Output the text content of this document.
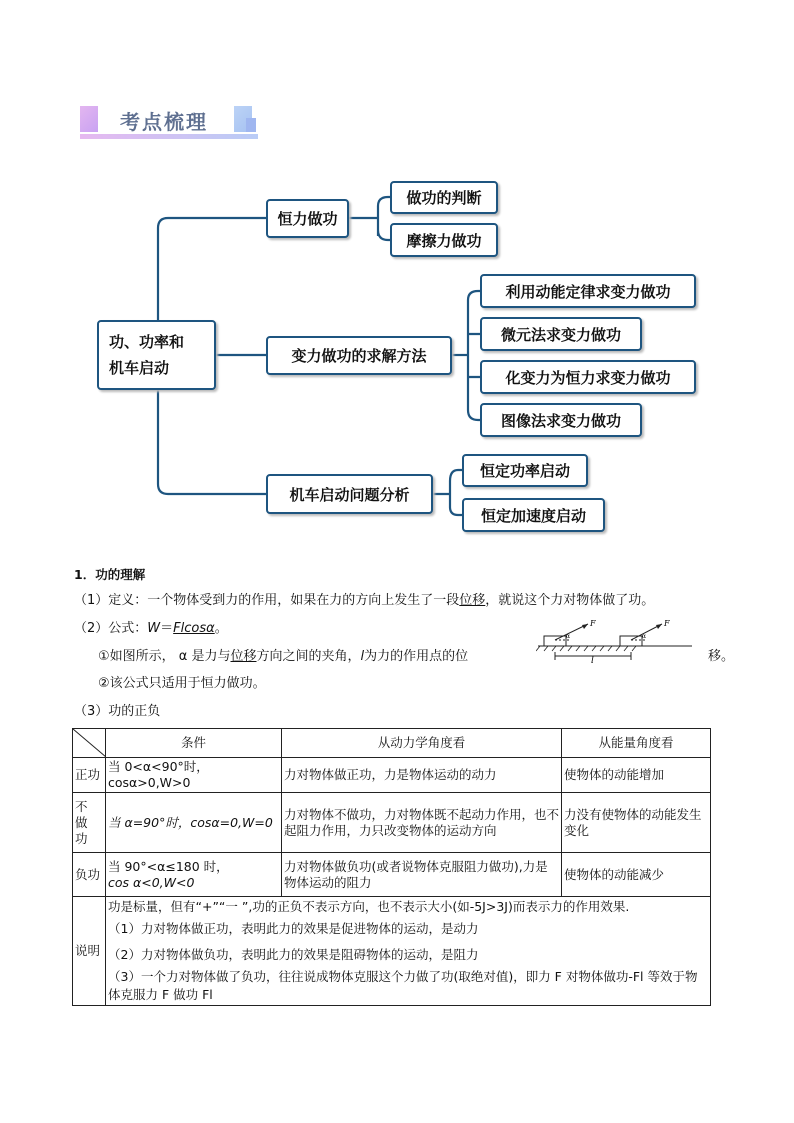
考点梳理
功、功率和
机车启动
恒力做功
做功的判断
摩擦力做功
变力做功的求解方法
利用动能定律求变力做功
微元法求变力做功
化变力为恒力求变力做功
图像法求变力做功
机车启动问题分析
恒定功率启动
恒定加速度启动
1．功的理解
（1）定义：一个物体受到力的作用，如果在力的方向上发生了一段位移，就说这个力对物体做了功。
（2）公式：W＝Flcosα。
①如图所示， α 是力与位移方向之间的夹角，l为力的作用点的位	移。
②该公式只适用于恒力做功。
（3）功的正负
F	F
α	α
l
	条件	从动力学角度看	从能量角度看
正功	当 0<α<90°时，cosα>0,W>0	力对物体做正功，力是物体运动的动力	使物体的动能增加
不 做 功	当 α=90°时，cosα=0,W=0	力对物体不做功，力对物体既不起动力作用，也不起阻力作用，力只改变物体的运动方向	力没有使物体的动能发生变化
负功	当 90°<α≤180 时，
cos α<0,W<0	力对物体做负功(或者说物体克服阻力做功),力是物体运动的阻力	使物体的动能减少
说明	功是标量，但有“+”“一 ”,功的正负不表示方向，也不表示大小(如-5J>3J)而表示力的作用效果.
（1）力对物体做正功，表明此力的效果是促进物体的运动，是动力
（2）力对物体做负功，表明此力的效果是阻碍物体的运动，是阻力
（3）一个力对物体做了负功，往往说成物体克服这个力做了功(取绝对值)，即力 F 对物体做功-Fl 等效于物体克服力 F 做功 Fl		
